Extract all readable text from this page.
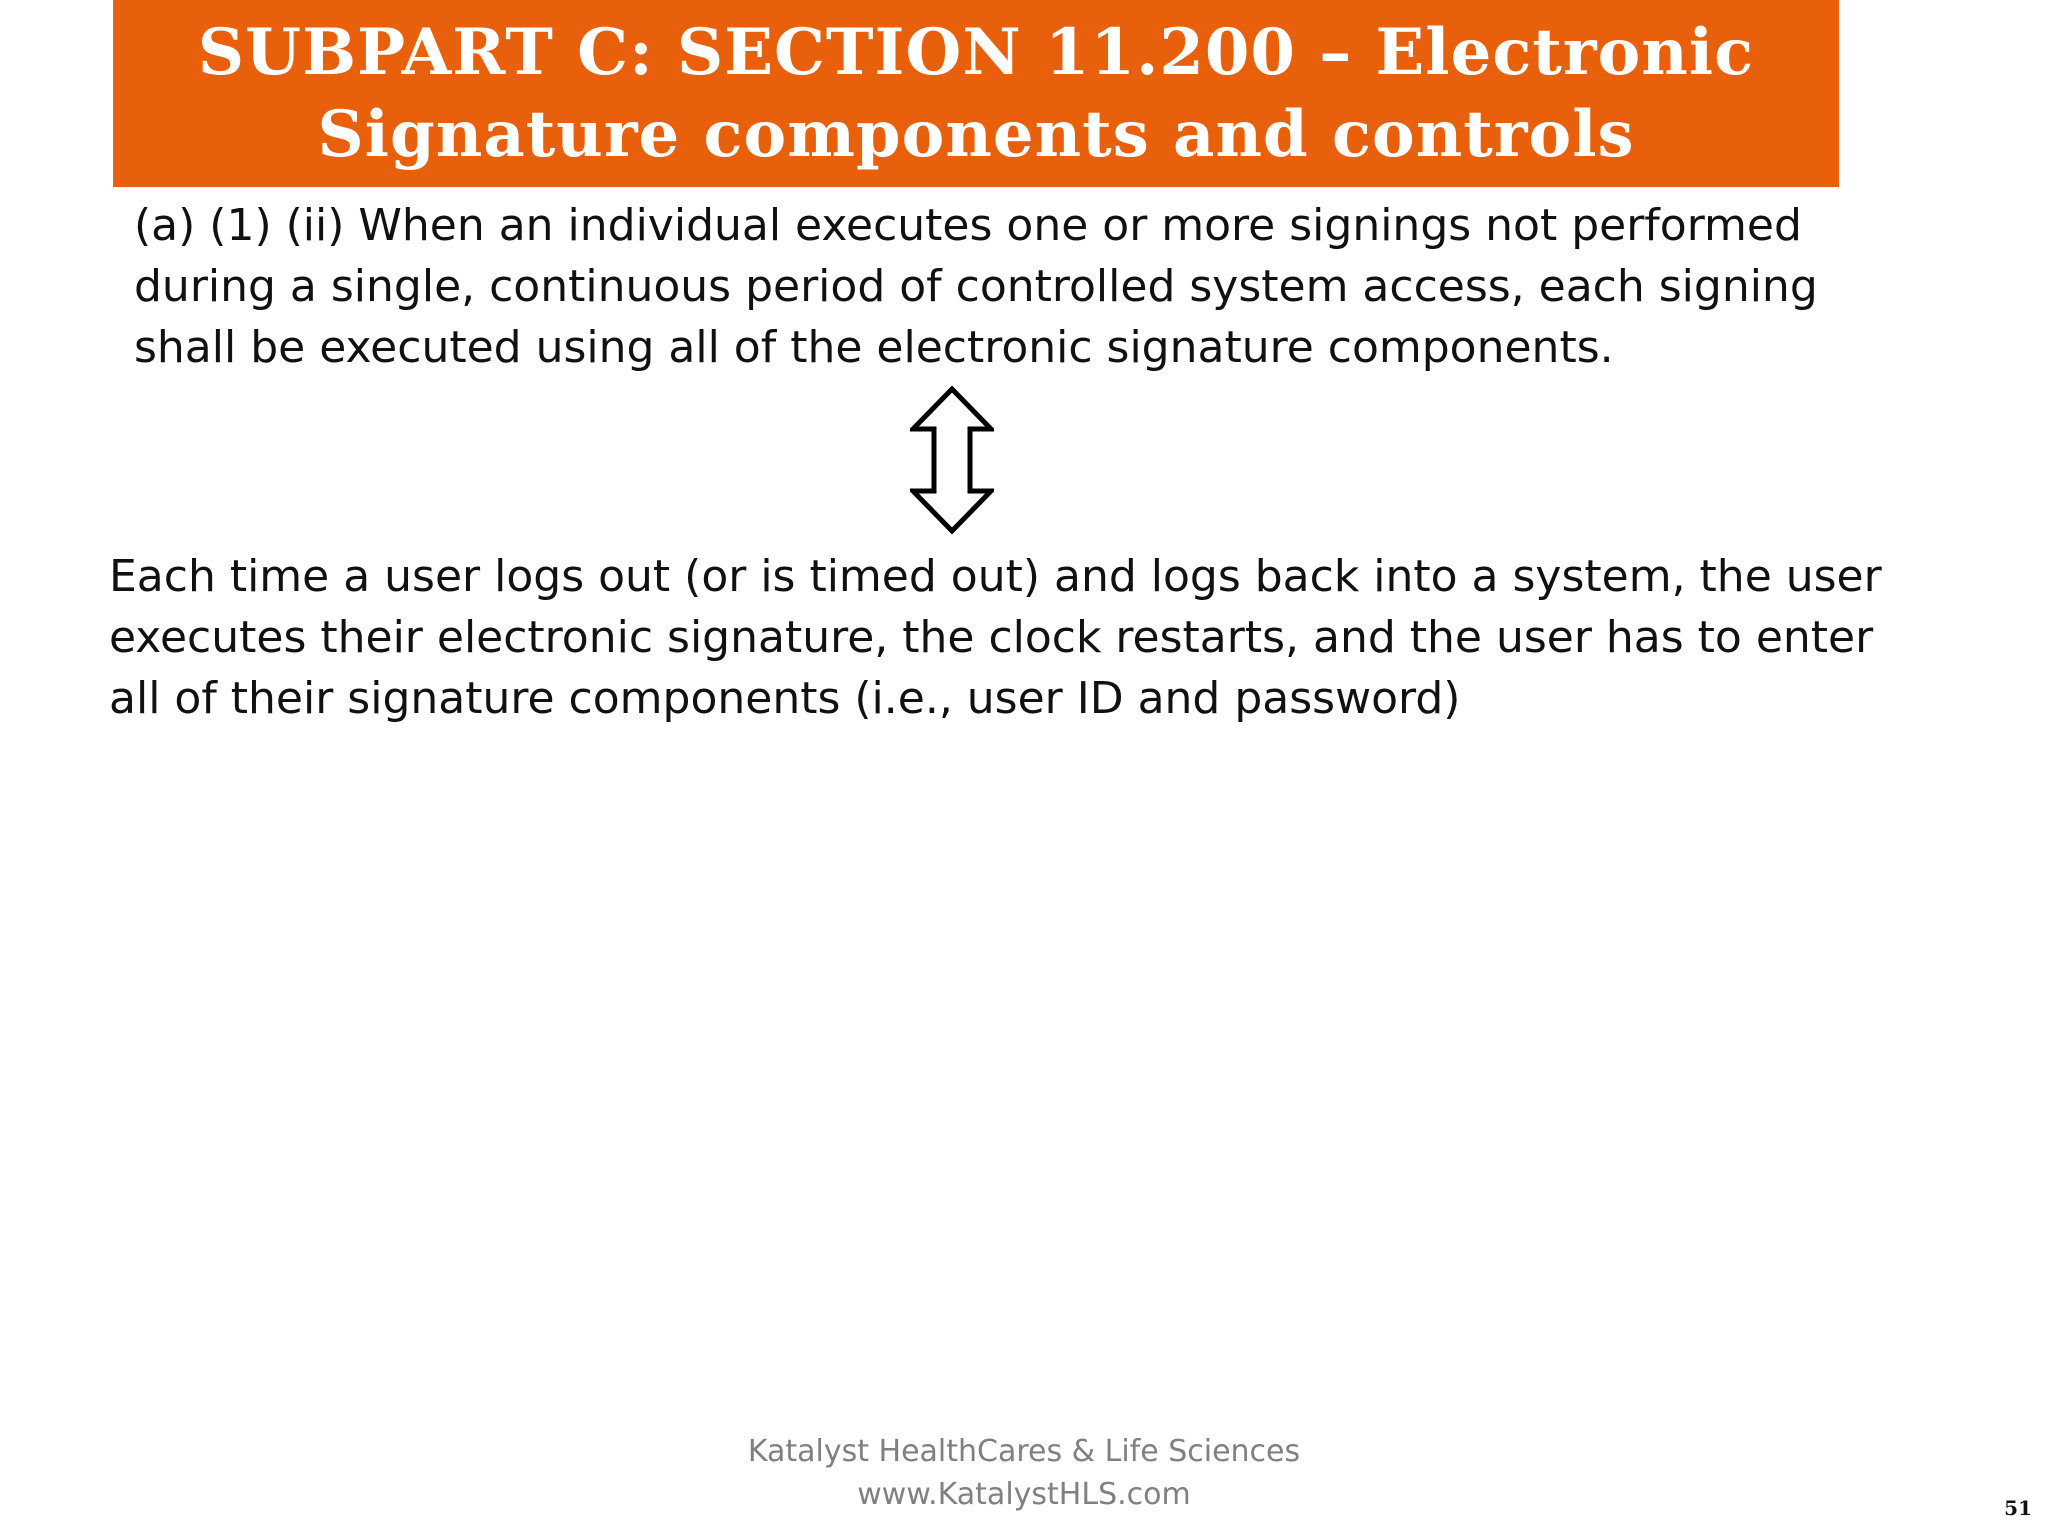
SUBPART C: SECTION 11.200 – Electronic
Signature components and controls
(a) (1) (ii) When an individual executes one or more signings not performed
during a single, continuous period of controlled system access, each signing
shall be executed using all of the electronic signature components.
Each time a user logs out (or is timed out) and logs back into a system, the user
executes their electronic signature, the clock restarts, and the user has to enter
all of their signature components (i.e., user ID and password)
Katalyst HealthCares & Life Sciences
www.KatalystHLS.com	51
